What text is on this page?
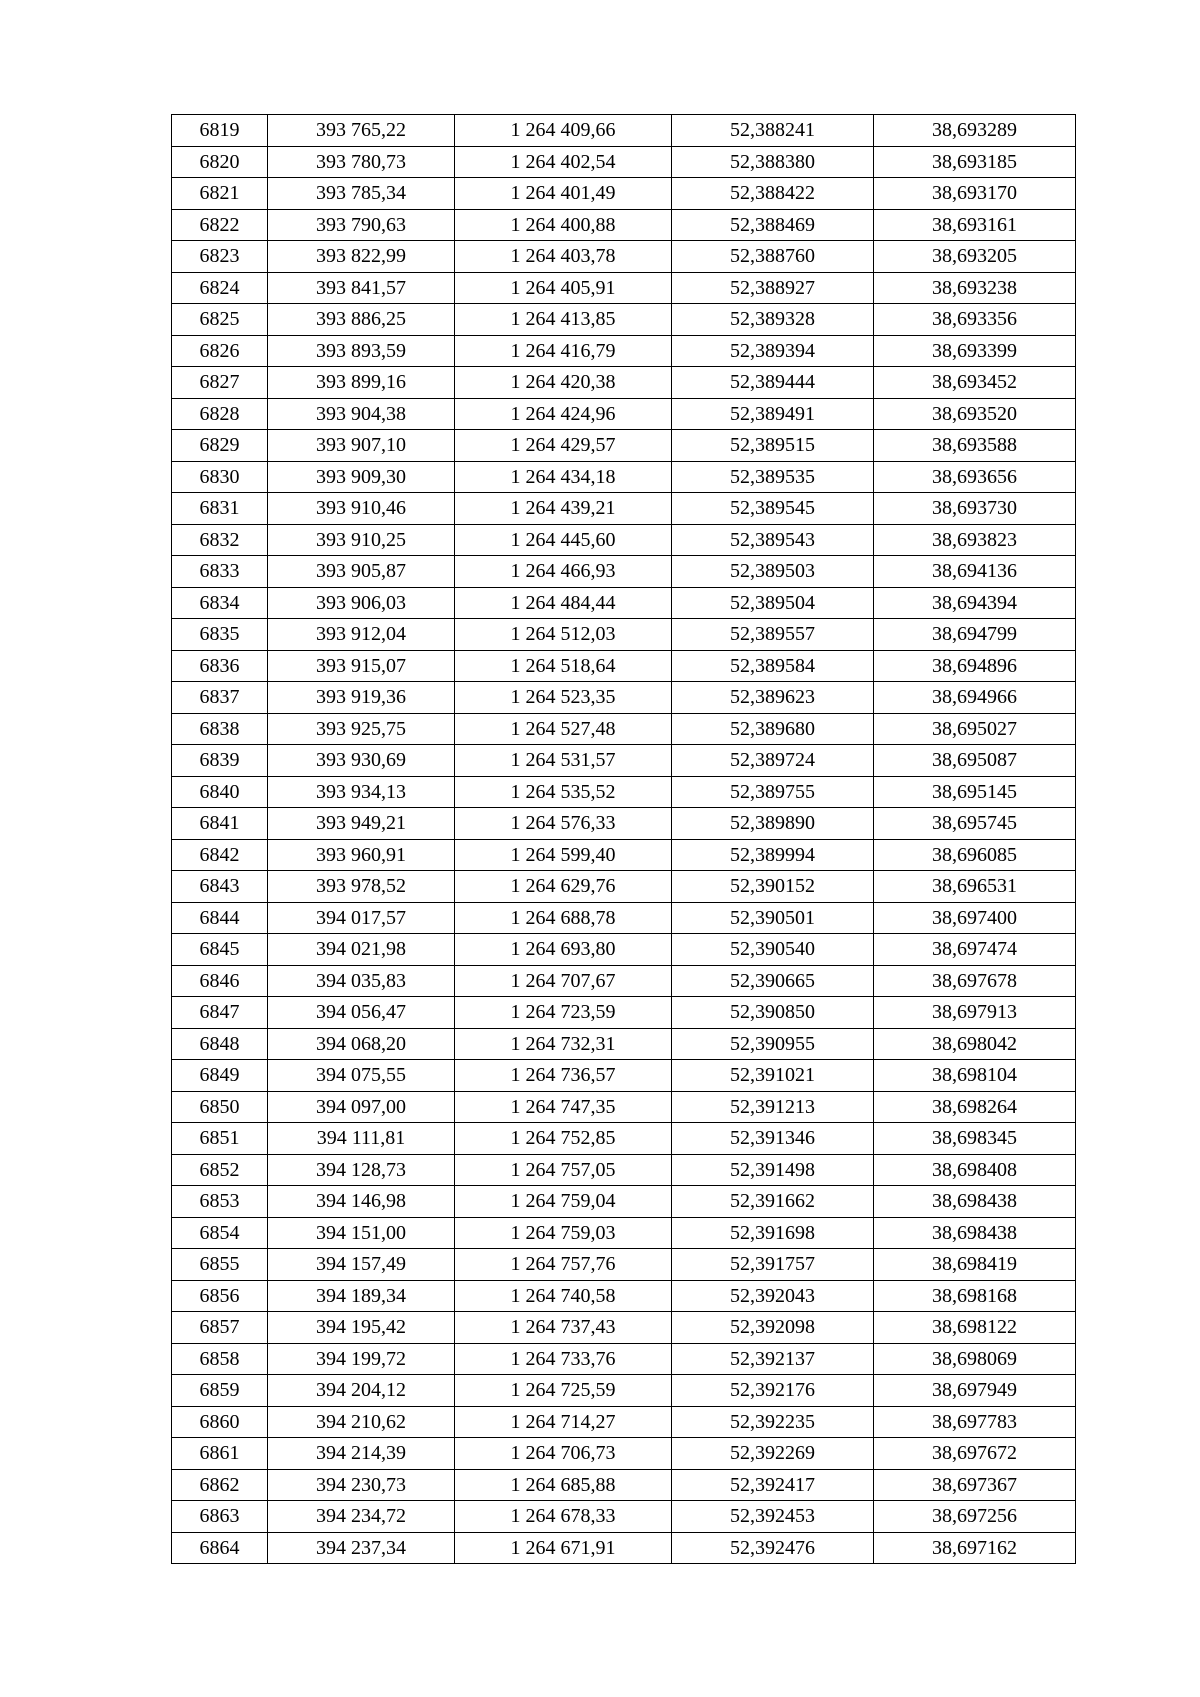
6819	393 765,22	1 264 409,66	52,388241	38,693289
6820	393 780,73	1 264 402,54	52,388380	38,693185
6821	393 785,34	1 264 401,49	52,388422	38,693170
6822	393 790,63	1 264 400,88	52,388469	38,693161
6823	393 822,99	1 264 403,78	52,388760	38,693205
6824	393 841,57	1 264 405,91	52,388927	38,693238
6825	393 886,25	1 264 413,85	52,389328	38,693356
6826	393 893,59	1 264 416,79	52,389394	38,693399
6827	393 899,16	1 264 420,38	52,389444	38,693452
6828	393 904,38	1 264 424,96	52,389491	38,693520
6829	393 907,10	1 264 429,57	52,389515	38,693588
6830	393 909,30	1 264 434,18	52,389535	38,693656
6831	393 910,46	1 264 439,21	52,389545	38,693730
6832	393 910,25	1 264 445,60	52,389543	38,693823
6833	393 905,87	1 264 466,93	52,389503	38,694136
6834	393 906,03	1 264 484,44	52,389504	38,694394
6835	393 912,04	1 264 512,03	52,389557	38,694799
6836	393 915,07	1 264 518,64	52,389584	38,694896
6837	393 919,36	1 264 523,35	52,389623	38,694966
6838	393 925,75	1 264 527,48	52,389680	38,695027
6839	393 930,69	1 264 531,57	52,389724	38,695087
6840	393 934,13	1 264 535,52	52,389755	38,695145
6841	393 949,21	1 264 576,33	52,389890	38,695745
6842	393 960,91	1 264 599,40	52,389994	38,696085
6843	393 978,52	1 264 629,76	52,390152	38,696531
6844	394 017,57	1 264 688,78	52,390501	38,697400
6845	394 021,98	1 264 693,80	52,390540	38,697474
6846	394 035,83	1 264 707,67	52,390665	38,697678
6847	394 056,47	1 264 723,59	52,390850	38,697913
6848	394 068,20	1 264 732,31	52,390955	38,698042
6849	394 075,55	1 264 736,57	52,391021	38,698104
6850	394 097,00	1 264 747,35	52,391213	38,698264
6851	394 111,81	1 264 752,85	52,391346	38,698345
6852	394 128,73	1 264 757,05	52,391498	38,698408
6853	394 146,98	1 264 759,04	52,391662	38,698438
6854	394 151,00	1 264 759,03	52,391698	38,698438
6855	394 157,49	1 264 757,76	52,391757	38,698419
6856	394 189,34	1 264 740,58	52,392043	38,698168
6857	394 195,42	1 264 737,43	52,392098	38,698122
6858	394 199,72	1 264 733,76	52,392137	38,698069
6859	394 204,12	1 264 725,59	52,392176	38,697949
6860	394 210,62	1 264 714,27	52,392235	38,697783
6861	394 214,39	1 264 706,73	52,392269	38,697672
6862	394 230,73	1 264 685,88	52,392417	38,697367
6863	394 234,72	1 264 678,33	52,392453	38,697256
6864	394 237,34	1 264 671,91	52,392476	38,697162
